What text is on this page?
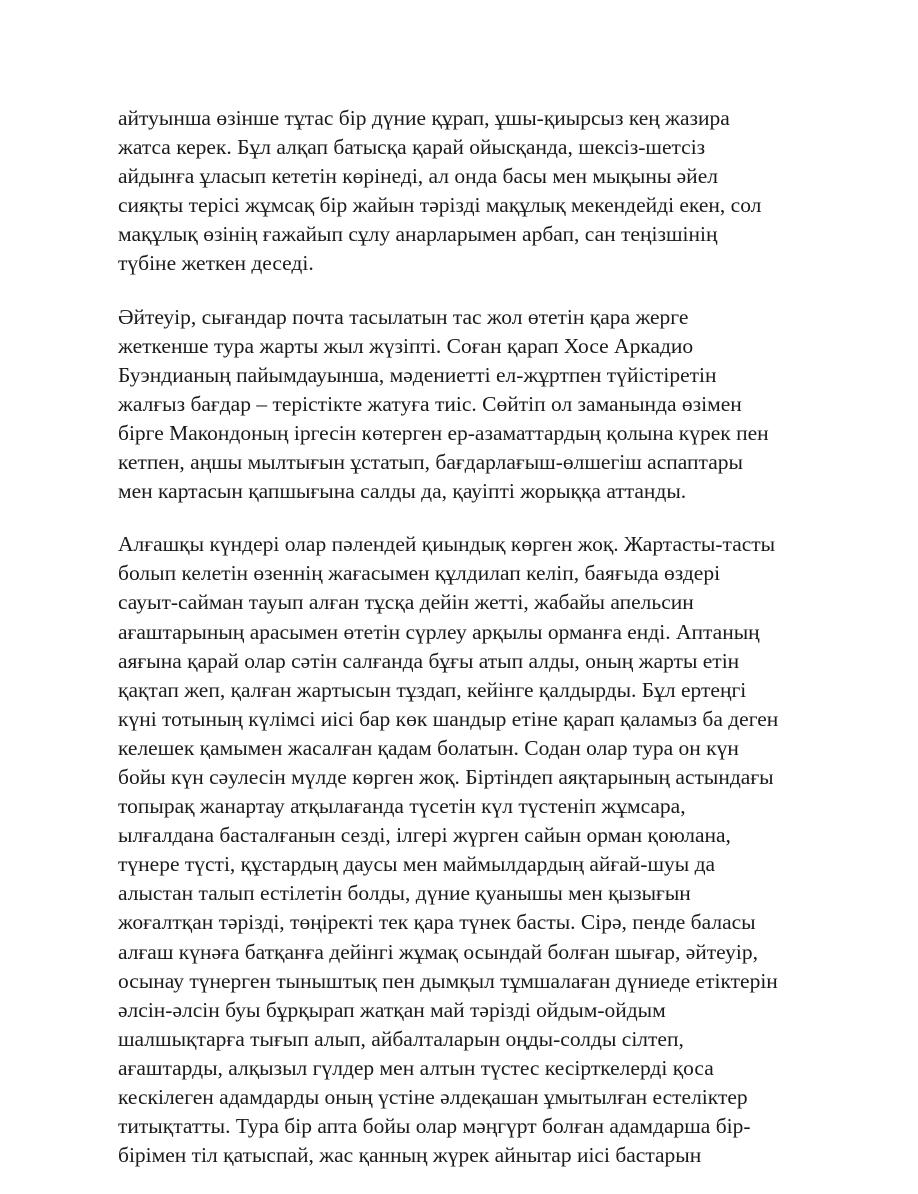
айтуынша өзінше тұтас бір дүние құрап, ұшы-қиырсыз кең жазира
жатса керек. Бұл алқап батысқа қарай ойысқанда, шексіз-шетсіз
айдынға ұласып кететін көрінеді, ал онда басы мен мықыны әйел
сияқты терісі жұмсақ бір жайын тәрізді мақұлық мекендейді екен, сол
мақұлық өзінің ғажайып сұлу анарларымен арбап, сан теңізшінің
түбіне жеткен деседі.

Әйтеуір, сығандар почта тасылатын тас жол өтетін қара жерге
жеткенше тура жарты жыл жүзіпті. Соған қарап Хосе Аркадио
Буэндианың пайымдауынша, мәдениетті ел-жұртпен түйістіретін
жалғыз бағдар – терістікте жатуға тиіс. Сөйтіп ол заманында өзімен
бірге Макондоның іргесін көтерген ер-азаматтардың қолына күрек пен
кетпен, аңшы мылтығын ұстатып, бағдарлағыш-өлшегіш аспаптары
мен картасын қапшығына салды да, қауіпті жорыққа аттанды.

Алғашқы күндері олар пәлендей қиындық көрген жоқ. Жартасты-тасты
болып келетін өзеннің жағасымен құлдилап келіп, баяғыда өздері
сауыт-сайман тауып алған тұсқа дейін жетті, жабайы апельсин
ағаштарының арасымен өтетін сүрлеу арқылы орманға енді. Аптаның
аяғына қарай олар сәтін салғанда бұғы атып алды, оның жарты етін
қақтап жеп, қалған жартысын тұздап, кейінге қалдырды. Бұл ертеңгі
күні тотының күлімсі иісі бар көк шандыр етіне қарап қаламыз ба деген
келешек қамымен жасалған қадам болатын. Содан олар тура он күн
бойы күн сәулесін мүлде көрген жоқ. Біртіндеп аяқтарының астындағы
топырақ жанартау атқылағанда түсетін күл түстеніп жұмсара,
ылғалдана басталғанын сезді, ілгері жүрген сайын орман қоюлана,
түнере түсті, құстардың даусы мен маймылдардың айғай-шуы да
алыстан талып естілетін болды, дүние қуанышы мен қызығын
жоғалтқан тәрізді, төңіректі тек қара түнек басты. Сірә, пенде баласы
алғаш күнәға батқанға дейінгі жұмақ осындай болған шығар, әйтеуір,
осынау түнерген тыныштық пен дымқыл тұмшалаған дүниеде етіктерін
әлсін-әлсін буы бұрқырап жатқан май тәрізді ойдым-ойдым
шалшықтарға тығып алып, айбалталарын оңды-солды сілтеп,
ағаштарды, алқызыл гүлдер мен алтын түстес кесірткелерді қоса
кескілеген адамдарды оның үстіне әлдеқашан ұмытылған естеліктер
титықтатты. Тура бір апта бойы олар мәңгүрт болған адамдарша бір-
бірімен тіл қатыспай, жас қанның жүрек айнытар иісі бастарын
